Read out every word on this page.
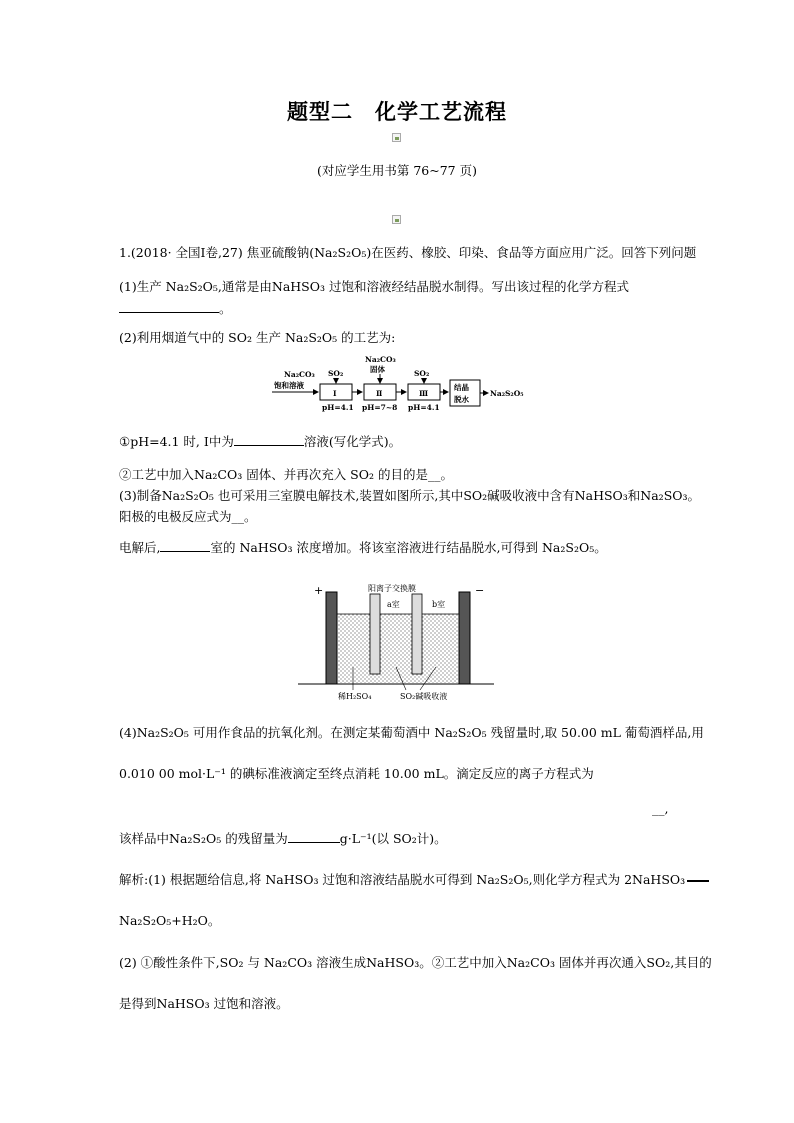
题型二　化学工艺流程
(对应学生用书第 76~77 页)
1.(2018· 全国Ⅰ卷,27) 焦亚硫酸钠(Na₂S₂O₅)在医药、橡胶、印染、食品等方面应用广泛。回答下列问题
(1)生产 Na₂S₂O₅,通常是由NaHSO₃ 过饱和溶液经结晶脱水制得。写出该过程的化学方程式
。
(2)利用烟道气中的 SO₂ 生产 Na₂S₂O₅ 的工艺为:
Na₂CO₃
饱和溶液
Ⅰ
SO₂
pH=4.1
Ⅱ
Na₂CO₃
固体
pH=7~8
Ⅲ
SO₂
pH=4.1
结晶
脱水
Na₂S₂O₅
①pH=4.1 时, Ⅰ中为	溶液(写化学式)。
②工艺中加入Na₂CO₃ 固体、并再次充入 SO₂ 的目的是__。
(3)制备Na₂S₂O₅ 也可采用三室膜电解技术,装置如图所示,其中SO₂碱吸收液中含有NaHSO₃和Na₂SO₃。
阳极的电极反应式为__。
电解后,	室的 NaHSO₃ 浓度增加。将该室溶液进行结晶脱水,可得到 Na₂S₂O₅。
+	−
阳离子交换膜
a室	b室
稀H₂SO₄	SO₂碱吸收液
(4)Na₂S₂O₅ 可用作食品的抗氧化剂。在测定某葡萄酒中 Na₂S₂O₅ 残留量时,取 50.00 mL 葡萄酒样品,用
0.010 00 mol·L⁻¹ 的碘标准液滴定至终点消耗 10.00 mL。滴定反应的离子方程式为
__,
该样品中Na₂S₂O₅ 的残留量为	g·L⁻¹(以 SO₂计)。
解析:(1) 根据题给信息,将 NaHSO₃ 过饱和溶液结晶脱水可得到 Na₂S₂O₅,则化学方程式为 2NaHSO₃
Na₂S₂O₅+H₂O。
(2) ①酸性条件下,SO₂ 与 Na₂CO₃ 溶液生成NaHSO₃。②工艺中加入Na₂CO₃ 固体并再次通入SO₂,其目的
是得到NaHSO₃ 过饱和溶液。
